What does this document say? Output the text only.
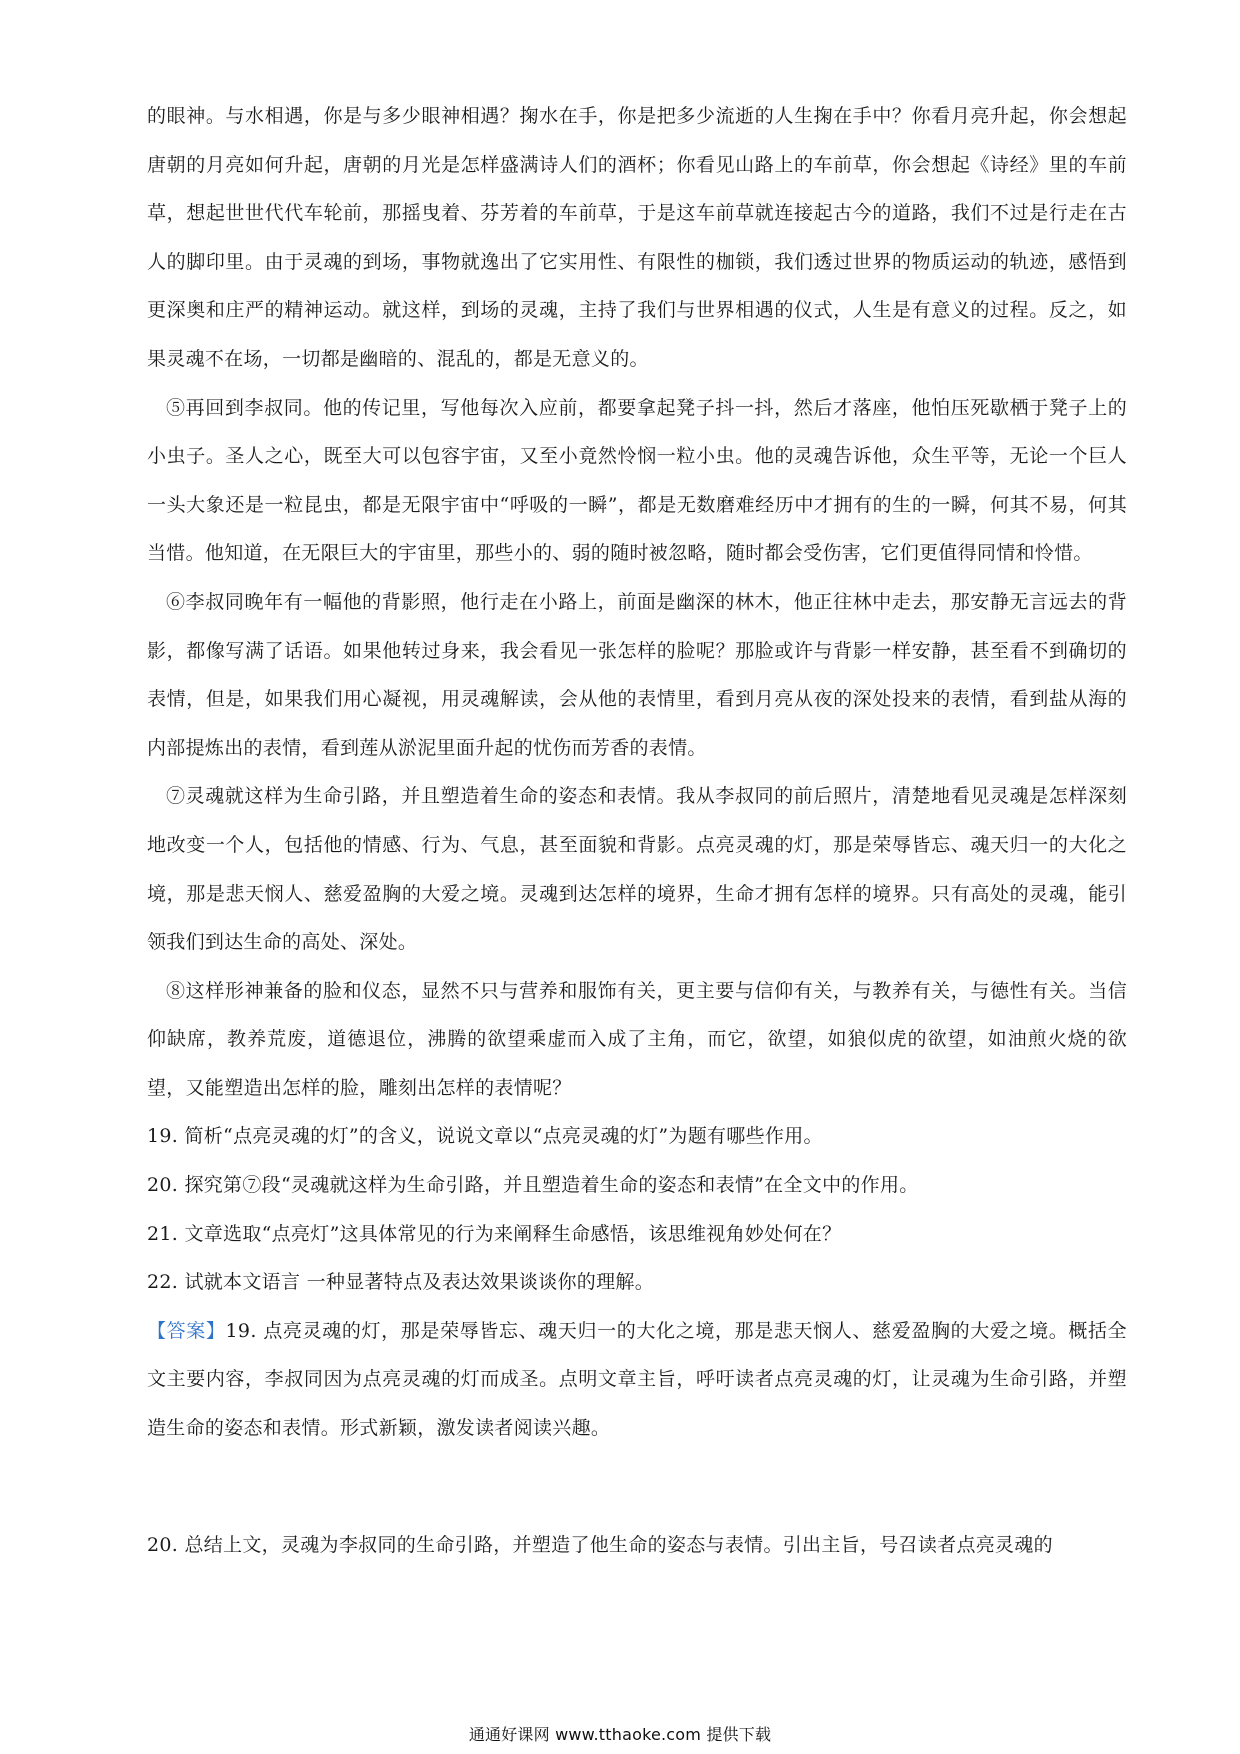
的眼神。与水相遇，你是与多少眼神相遇？掬水在手，你是把多少流逝的人生掬在手中？你看月亮升起，你会想起唐朝的月亮如何升起，唐朝的月光是怎样盛满诗人们的酒杯；你看见山路上的车前草，你会想起《诗经》里的车前草，想起世世代代车轮前，那摇曳着、芬芳着的车前草，于是这车前草就连接起古今的道路，我们不过是行走在古人的脚印里。由于灵魂的到场，事物就逸出了它实用性、有限性的枷锁，我们透过世界的物质运动的轨迹，感悟到更深奥和庄严的精神运动。就这样，到场的灵魂，主持了我们与世界相遇的仪式，人生是有意义的过程。反之，如果灵魂不在场，一切都是幽暗的、混乱的，都是无意义的。

⑤再回到李叔同。他的传记里，写他每次入应前，都要拿起凳子抖一抖，然后才落座，他怕压死歇栖于凳子上的小虫子。圣人之心，既至大可以包容宇宙，又至小竟然怜悯一粒小虫。他的灵魂告诉他，众生平等，无论一个巨人一头大象还是一粒昆虫，都是无限宇宙中“呼吸的一瞬”，都是无数磨难经历中才拥有的生的一瞬，何其不易，何其当惜。他知道，在无限巨大的宇宙里，那些小的、弱的随时被忽略，随时都会受伤害，它们更值得同情和怜惜。

⑥李叔同晚年有一幅他的背影照，他行走在小路上，前面是幽深的林木，他正往林中走去，那安静无言远去的背影，都像写满了话语。如果他转过身来，我会看见一张怎样的脸呢？那脸或许与背影一样安静，甚至看不到确切的表情，但是，如果我们用心凝视，用灵魂解读，会从他的表情里，看到月亮从夜的深处投来的表情，看到盐从海的内部提炼出的表情，看到莲从淤泥里面升起的忧伤而芳香的表情。

⑦灵魂就这样为生命引路，并且塑造着生命的姿态和表情。我从李叔同的前后照片，清楚地看见灵魂是怎样深刻地改变一个人，包括他的情感、行为、气息，甚至面貌和背影。点亮灵魂的灯，那是荣辱皆忘、魂天归一的大化之境，那是悲天悯人、慈爱盈胸的大爱之境。灵魂到达怎样的境界，生命才拥有怎样的境界。只有高处的灵魂，能引领我们到达生命的高处、深处。

⑧这样形神兼备的脸和仪态，显然不只与营养和服饰有关，更主要与信仰有关，与教养有关，与德性有关。当信仰缺席，教养荒废，道德退位，沸腾的欲望乘虚而入成了主角，而它，欲望，如狼似虎的欲望，如油煎火烧的欲望，又能塑造出怎样的脸，雕刻出怎样的表情呢？

19. 简析“点亮灵魂的灯”的含义，说说文章以“点亮灵魂的灯”为题有哪些作用。

20. 探究第⑦段“灵魂就这样为生命引路，并且塑造着生命的姿态和表情”在全文中的作用。

21. 文章选取“点亮灯”这具体常见的行为来阐释生命感悟，该思维视角妙处何在？

22. 试就本文语言 一种显著特点及表达效果谈谈你的理解。

【答案】19. 点亮灵魂的灯，那是荣辱皆忘、魂天归一的大化之境，那是悲天悯人、慈爱盈胸的大爱之境。概括全文主要内容，李叔同因为点亮灵魂的灯而成圣。点明文章主旨，呼吁读者点亮灵魂的灯，让灵魂为生命引路，并塑造生命的姿态和表情。形式新颖，激发读者阅读兴趣。

20. 总结上文，灵魂为李叔同的生命引路，并塑造了他生命的姿态与表情。引出主旨，号召读者点亮灵魂的

通通好课网 www.tthaoke.com 提供下载
